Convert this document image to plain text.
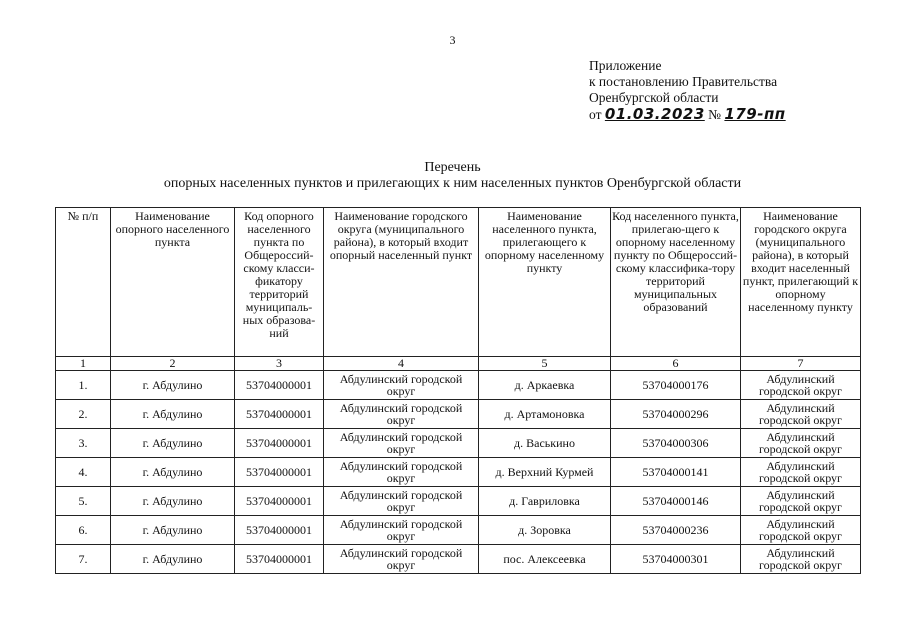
3
Приложение
к постановлению Правительства
Оренбургской области
от 01.03.2023 № 179-пп
Перечень
опорных населенных пунктов и прилегающих к ним населенных пунктов Оренбургской области
№ п/п	Наименование опорного населенного пункта	Код опорного населенного пункта по Общероссий-скому класси-фикатору территорий муниципаль-ных образова-ний	Наименование городского округа (муниципального района), в который входит опорный населенный пункт	Наименование населенного пункта, прилегающего к опорному населенному пункту	Код населенного пункта, прилегаю-щего к опорному населенному пункту по Общероссий-скому классифика-тору территорий муниципальных образований	Наименование городского округа (муниципального района), в который входит населенный пункт, прилегающий к опорному населенному пункту
1	2	3	4	5	6	7
1.	г. Абдулино	53704000001	Абдулинский городской округ	д. Аркаевка	53704000176	Абдулинский городской округ
2.	г. Абдулино	53704000001	Абдулинский городской округ	д. Артамоновка	53704000296	Абдулинский городской округ
3.	г. Абдулино	53704000001	Абдулинский городской округ	д. Васькино	53704000306	Абдулинский городской округ
4.	г. Абдулино	53704000001	Абдулинский городской округ	д. Верхний Курмей	53704000141	Абдулинский городской округ
5.	г. Абдулино	53704000001	Абдулинский городской округ	д. Гавриловка	53704000146	Абдулинский городской округ
6.	г. Абдулино	53704000001	Абдулинский городской округ	д. Зоровка	53704000236	Абдулинский городской округ
7.	г. Абдулино	53704000001	Абдулинский городской округ	пос. Алексеевка	53704000301	Абдулинский городской округ
